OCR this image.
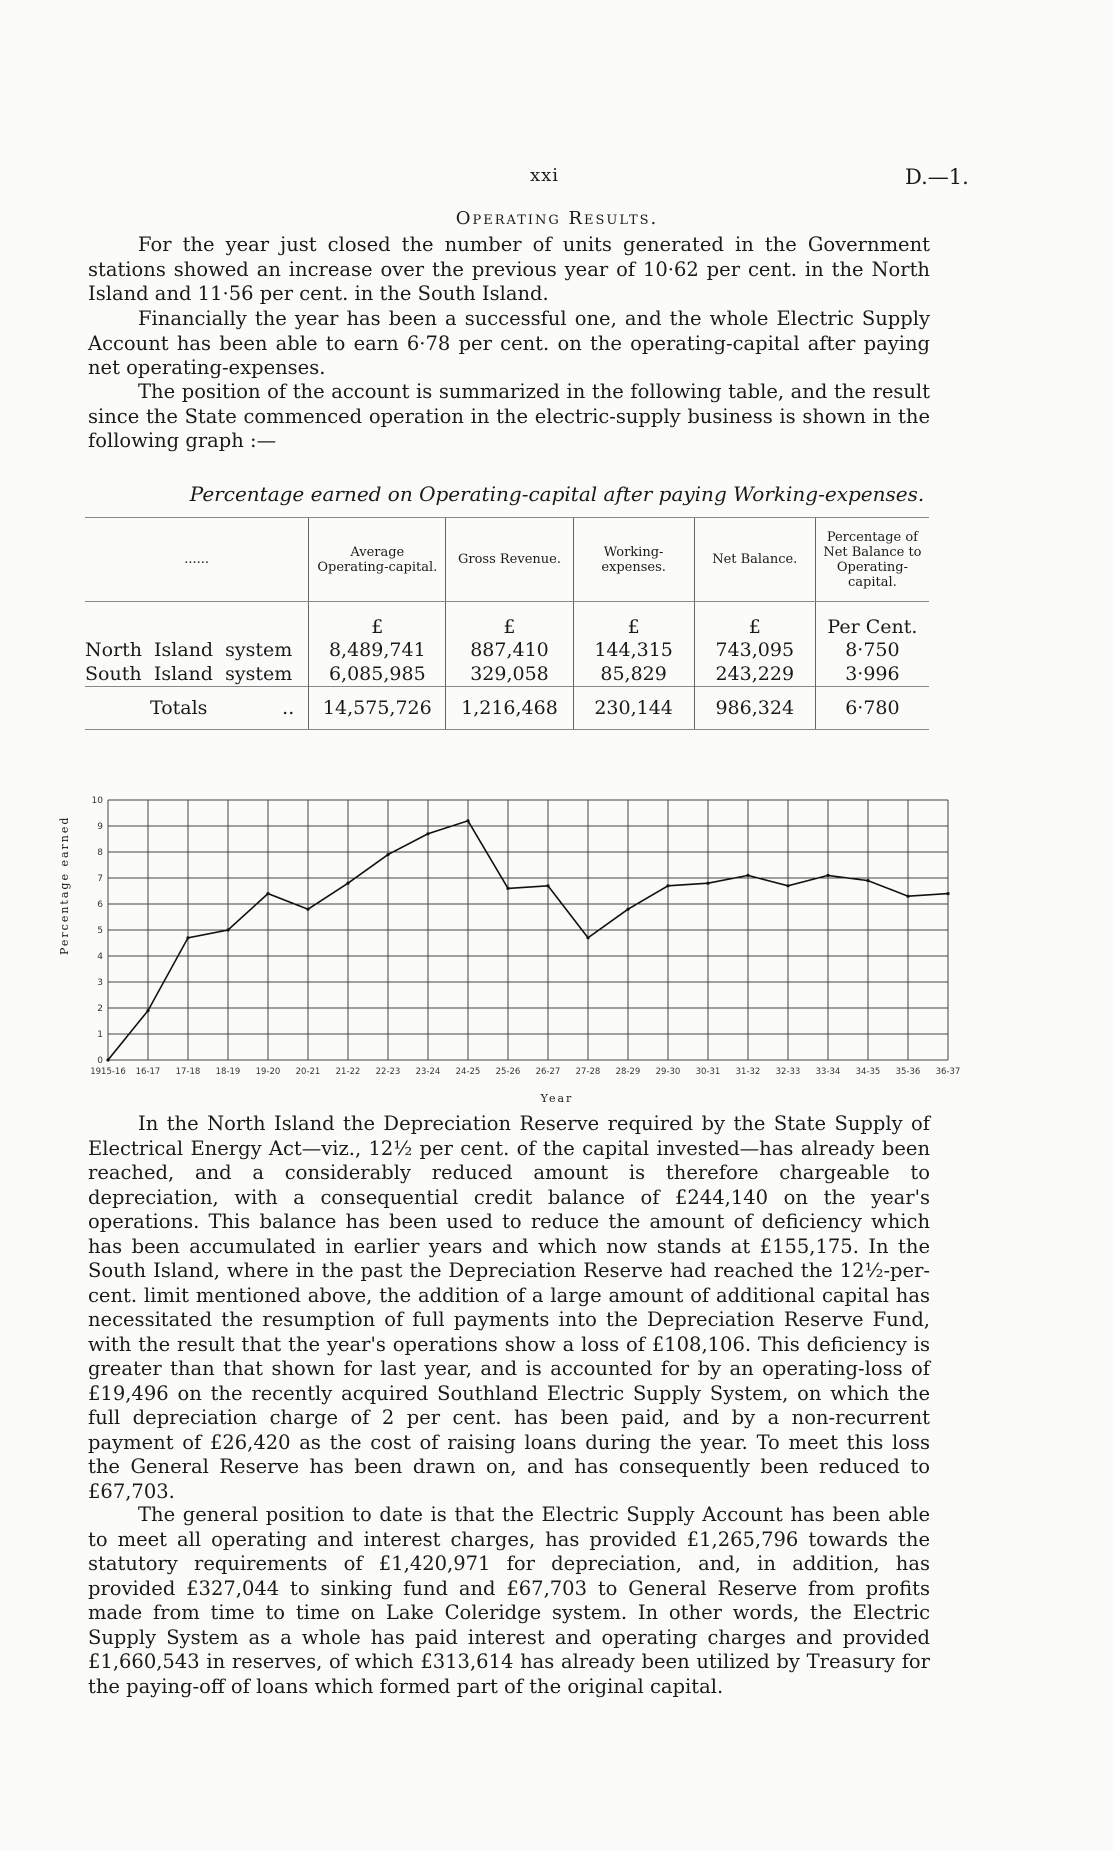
xxi	D.—1.
Operating Results.

For the year just closed the number of units generated in the Government stations showed an increase over the previous year of 10·62 per cent. in the North Island and 11·56 per cent. in the South Island.

Financially the year has been a successful one, and the whole Electric Supply Account has been able to earn 6·78 per cent. on the operating-capital after paying net operating-expenses.

The position of the account is summarized in the following table, and the result since the State commenced operation in the electric-supply business is shown in the following graph :—

Percentage earned on Operating-capital after paying Working-expenses.
......	Average Operating-capital.	Gross Revenue.	Working-expenses.	Net Balance.	Percentage of Net Balance to Operating-capital.
	£	£	£	£	Per Cent.

North Island system	8,489,741	887,410	144,315	743,095	8·750

South Island system	6,085,985	329,058	85,829	243,229	3·996

Totals ..	14,575,726	1,216,468	230,144	986,324	6·780
0
1
2
3
4
5
6
7
8
9
10
1915-16 16-17 17-18 18-19 19-20 20-21 21-22 22-23 23-24 24-25 25-26 26-27 27-28 28-29 29-30 30-31 31-32 32-33 33-34 34-35 35-36 36-37
Percentage earned
Year

In the North Island the Depreciation Reserve required by the State Supply of Electrical Energy Act—viz., 12½ per cent. of the capital invested—has already been reached, and a considerably reduced amount is therefore chargeable to depreciation, with a consequential credit balance of £244,140 on the year's operations. This balance has been used to reduce the amount of deficiency which has been accumulated in earlier years and which now stands at £155,175. In the South Island, where in the past the Depreciation Reserve had reached the 12½-per-cent. limit mentioned above, the addition of a large amount of additional capital has necessitated the resumption of full payments into the Depreciation Reserve Fund, with the result that the year's operations show a loss of £108,106. This deficiency is greater than that shown for last year, and is accounted for by an operating-loss of £19,496 on the recently acquired Southland Electric Supply System, on which the full depreciation charge of 2 per cent. has been paid, and by a non-recurrent payment of £26,420 as the cost of raising loans during the year. To meet this loss the General Reserve has been drawn on, and has consequently been reduced to £67,703.

The general position to date is that the Electric Supply Account has been able to meet all operating and interest charges, has provided £1,265,796 towards the statutory requirements of £1,420,971 for depreciation, and, in addition, has provided £327,044 to sinking fund and £67,703 to General Reserve from profits made from time to time on Lake Coleridge system. In other words, the Electric Supply System as a whole has paid interest and operating charges and provided £1,660,543 in reserves, of which £313,614 has already been utilized by Treasury for the paying-off of loans which formed part of the original capital.
